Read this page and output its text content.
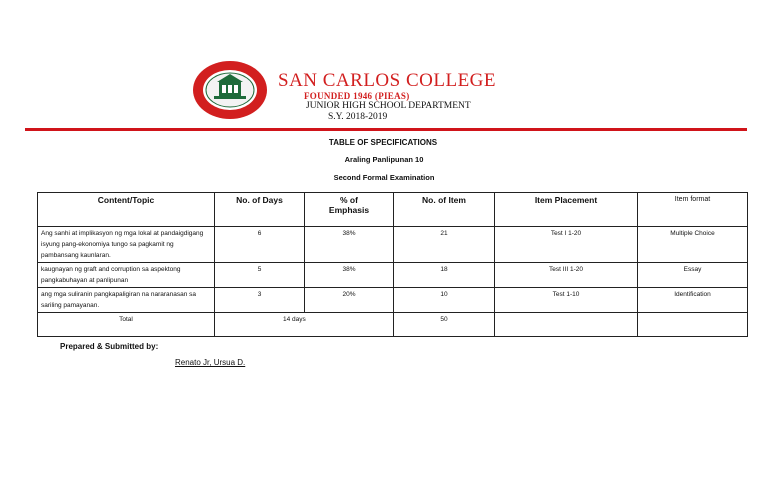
SAN CARLOS COLLEGE
FOUNDED 1946 (PIEAS)
JUNIOR HIGH SCHOOL DEPARTMENT
S.Y. 2018-2019
TABLE OF SPECIFICATIONS
Araling Panlipunan 10
Second Formal Examination
Content/Topic	No. of Days	% of Emphasis	No. of Item	Item Placement	Item format
Ang sanhi at implikasyon ng mga lokal at pandaigdigang isyung pang-ekonomiya tungo sa pagkamit ng pambansang kaunlaran.	6	38%	21	Test I 1-20	Multiple Choice
kaugnayan ng graft and corruption sa aspektong pangkabuhayan at panlipunan	5	38%	18	Test III 1-20	Essay
ang mga suliranin pangkapaligiran na nararanasan sa sariling pamayanan.	3	20%	10	Test 1-10	Identification
Total	14 days		50		
Prepared & Submitted by:
Renato Jr, Ursua D.
